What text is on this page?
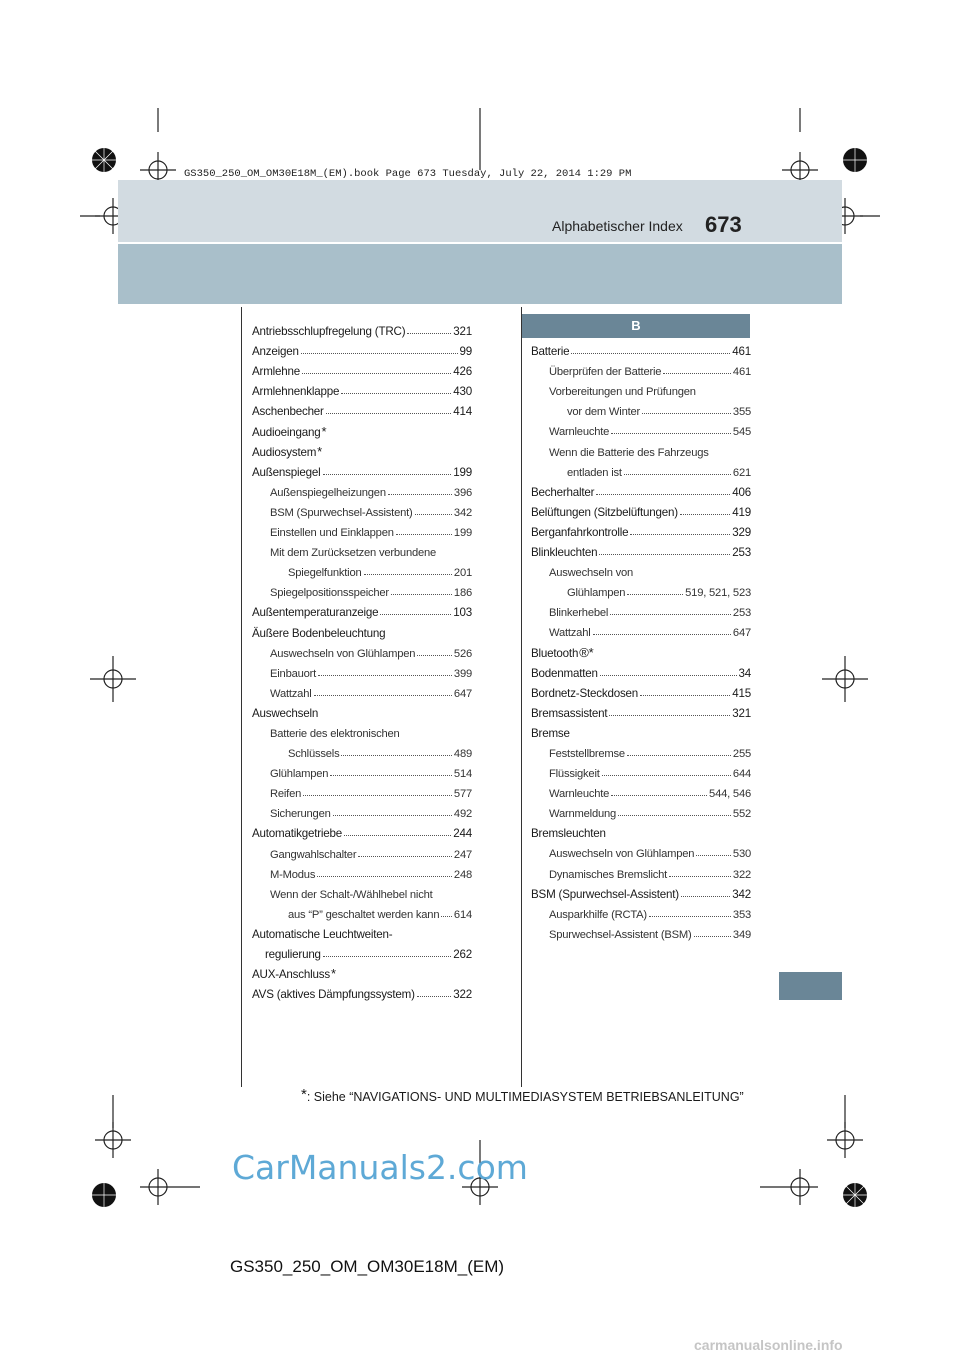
GS350_250_OM_OM30E18M_(EM).book Page 673 Tuesday, July 22, 2014 1:29 PM
Alphabetischer Index 673
B
Antriebsschlupfregelung (TRC)	321
Anzeigen	99
Armlehne	426
Armlehnenklappe	430
Aschenbecher	414
Audioeingang *
Audiosystem *
Außenspiegel	199
Außenspiegelheizungen	396
BSM (Spurwechsel-Assistent)	342
Einstellen und Einklappen	199
Mit dem Zurücksetzen verbundene
Spiegelfunktion	201
Spiegelpositionsspeicher	186
Außentemperaturanzeige	103
Äußere Bodenbeleuchtung
Auswechseln von Glühlampen	526
Einbauort	399
Wattzahl	647
Auswechseln
Batterie des elektronischen
Schlüssels	489
Glühlampen	514
Reifen	577
Sicherungen	492
Automatikgetriebe	244
Gangwahlschalter	247
M-Modus	248
Wenn der Schalt-/Wählhebel nicht
aus “P” geschaltet werden kann 614
Automatische Leuchtweiten-
regulierung	262
AUX-Anschluss *
AVS (aktives Dämpfungssystem)	322
Batterie	461
Überprüfen der Batterie	461
Vorbereitungen und Prüfungen
vor dem Winter	355
Warnleuchte	545
Wenn die Batterie des Fahrzeugs
entladen ist	621
Becherhalter	406
Belüftungen (Sitzbelüftungen)	419
Berganfahrkontrolle	329
Blinkleuchten	253
Auswechseln von
Glühlampen	519, 521, 523
Blinkerhebel	253
Wattzahl	647
Bluetooth ®*
Bodenmatten	34
Bordnetz-Steckdosen	415
Bremsassistent	321
Bremse
Feststellbremse	255
Flüssigkeit	644
Warnleuchte	544, 546
Warnmeldung	552
Bremsleuchten
Auswechseln von Glühlampen	530
Dynamisches Bremslicht	322
BSM (Spurwechsel-Assistent)	342
Ausparkhilfe (RCTA)	353
Spurwechsel-Assistent (BSM)	349
*: Siehe “NAVIGATIONS- UND MULTIMEDIASYSTEM BETRIEBSANLEITUNG”
CarManuals2.com
GS350_250_OM_OM30E18M_(EM)
carmanualsonline.info
